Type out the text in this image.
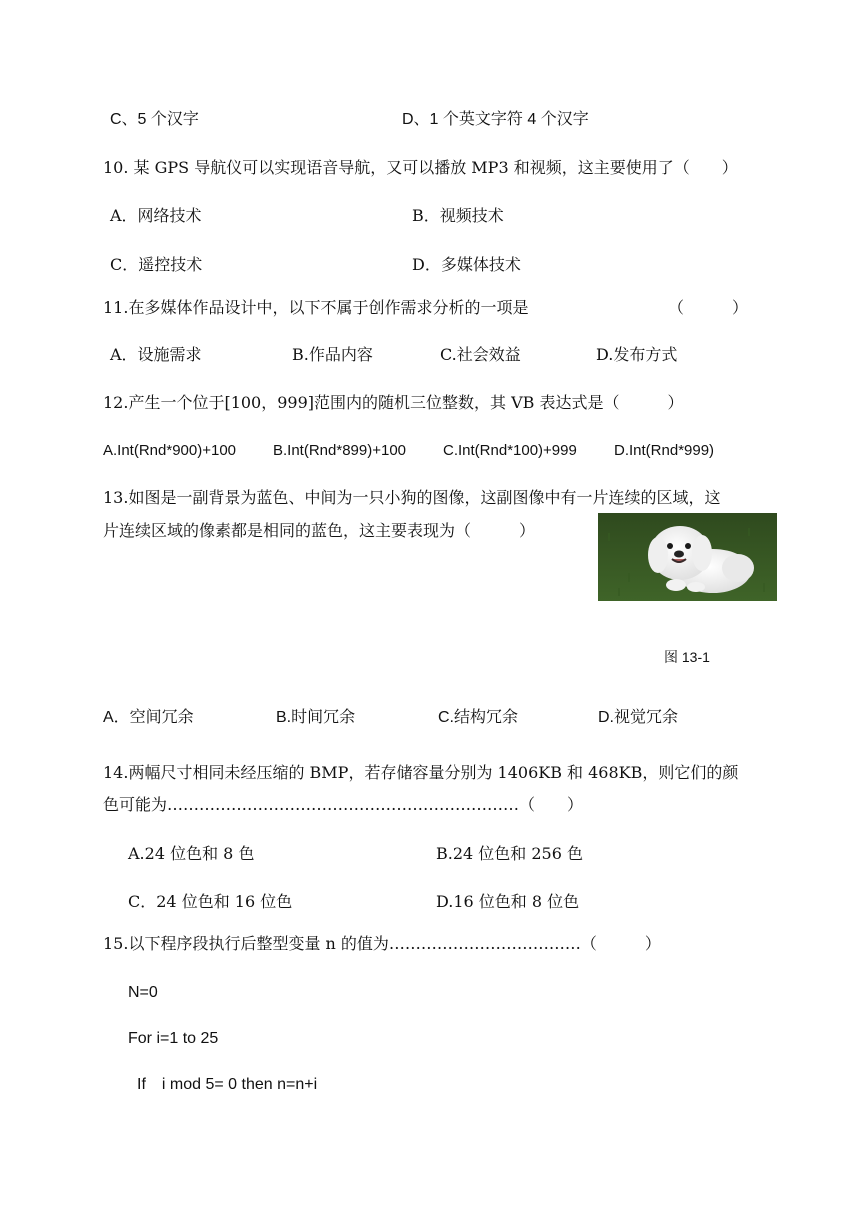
C、5 个汉字	D、1 个英文字符 4 个汉字
10. 某 GPS 导航仪可以实现语音导航，又可以播放 MP3 和视频，这主要使用了（　　）
A．网络技术	B．视频技术
C．遥控技术	D．多媒体技术
11.在多媒体作品设计中，以下不属于创作需求分析的一项是	（　　　）
A．设施需求	B.作品内容	C.社会效益	D.发布方式
12.产生一个位于[100，999]范围内的随机三位整数，其 VB 表达式是（　　　）
A.Int(Rnd*900)+100 B.Int(Rnd*899)+100 C.Int(Rnd*100)+999 D.Int(Rnd*999)
13.如图是一副背景为蓝色、中间为一只小狗的图像，这副图像中有一片连续的区域，这
片连续区域的像素都是相同的蓝色，这主要表现为（　　　）
图 13-1
A．空间冗余	B.时间冗余	C.结构冗余	D.视觉冗余
14.两幅尺寸相同未经压缩的 BMP，若存储容量分别为 1406KB 和 468KB，则它们的颜
色可能为…………………………………………………………（　　）
A.24 位色和 8 色	B.24 位色和 256 色
C．24 位色和 16 位色	D.16 位色和 8 位色
15.以下程序段执行后整型变量 n 的值为………………………………（　　　）
N=0
For i=1 to 25
If　i mod 5= 0 then n=n+i
